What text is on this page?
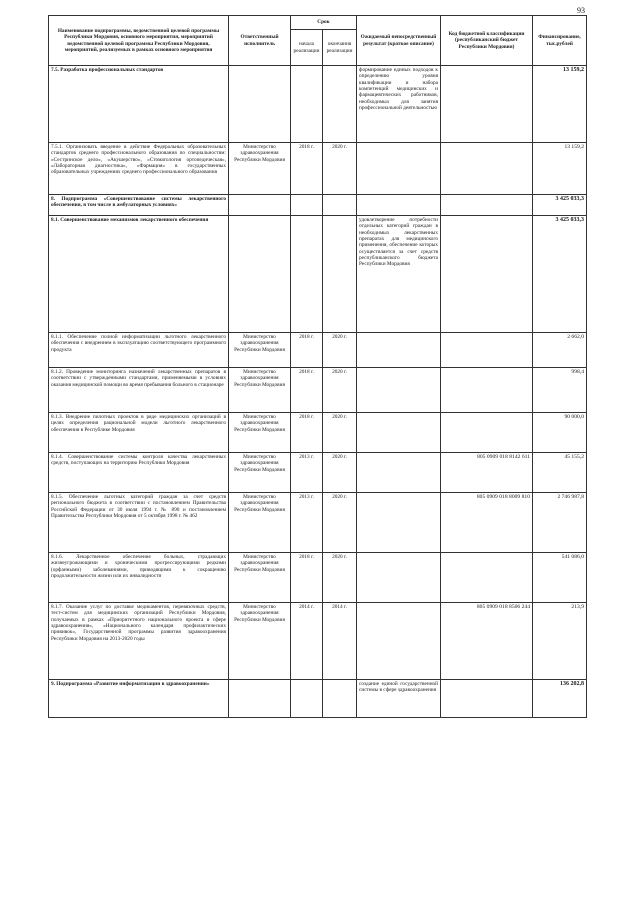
93
Наименование подпрограммы, ведомственной целевой программы Республики Мордовия, основного мероприятия, мероприятий ведомственной целевой программы Республики Мордовия, мероприятий, реализуемых в рамках основного мероприятия	Ответственный исполнитель	Срок		Ожидаемый непосредственный результат (краткое описание)	Код бюджетной классификации (республиканский бюджет Республики Мордовия)	Финансирование, тыс.рублей
		начала реализации	окончания реализации			
7.5. Разработка профессиональных стандартов				формирование единых подходов к определению уровня квалификации и набора компетенций медицинских и фармацевтических работников, необходимых для занятия профессиональной деятельностью		13 159,2
7.5.1. Организовать введение в действие Федеральных образовательных стандартов среднего профессионального образования по специальностям: «Сестринское дело», «Акушерство», «Стоматология ортопедическая», «Лабораторная диагностика», «Фармация» в государственных образовательных учреждениях среднего профессионального образования	Министерство здравоохранения Республики Мордовия	2018 г.	2020 г.			13 159,2
8. Подпрограмма «Совершенствование системы лекарственного обеспечения, в том числе в амбулаторных условиях»						3 425 033,3
8.1. Совершенствование механизмов лекарственного обеспечения				удовлетворение потребности отдельных категорий граждан в необходимых лекарственных препаратах для медицинского применения, обеспечение которых осуществляется за счет средств республиканского бюджета Республики Мордовия		3 425 033,3
8.1.1. Обеспечение полной информатизации льготного лекарственного обеспечения с внедрением в эксплуатацию соответствующего программного продукта	Министерство здравоохранения Республики Мордовия	2018 г.	2020 г.			2 662,0
8.1.2. Проведение мониторинга назначений лекарственных препаратов в соответствии с утвержденными стандартами, применяемыми в условиях оказания медицинской помощи во время пребывания больного в стационаре	Министерство здравоохранения Республики Мордовия	2018 г.	2020 г.			998,4
8.1.3. Внедрение пилотных проектов в ряде медицинских организаций в целях определения рациональной модели льготного лекарственного обеспечения в Республике Мордовия	Министерство здравоохранения Республики Мордовия	2018 г.	2020 г.			90 000,0
8.1.4. Совершенствование системы контроля качества лекарственных средств, поступающих на территорию Республики Мордовия	Министерство здравоохранения Республики Мордовия	2013 г.	2020 г.		805 0909 018 8142 611	45 155,2
8.1.5. Обеспечение льготных категорий граждан за счет средств регионального бюджета в соответствии с постановлением Правительства Российской Федерации от 30 июля 1994 г. № 890 и постановлением Правительства Республики Мордовия от 5 октября 1998 г. № 462	Министерство здравоохранения Республики Мордовия	2013 г.	2020 г.		805 0909 018 8009 810	2 746 987,8
8.1.6. Лекарственное обеспечение больных, страдающих жизнеугрожающими и хроническими прогрессирующими редкими (орфанными) заболеваниями, приводящими к сокращению продолжительности жизни или их инвалидности	Министерство здравоохранения Республики Мордовия	2018 г.	2020 г.			541 086,0
8.1.7. Оказание услуг по доставке медикаментов, перевязочных средств, тест-систем для медицинских организаций Республики Мордовия, получаемых в рамках «Приоритетного национального проекта в сфере здравоохранения», «Национального календаря профилактических прививок», Государственной программы развития здравоохранения Республики Мордовия на 2013-2020 годы	Министерство здравоохранения Республики Мордовия	2014 г.	2014 г.		805 0909 018 8506 244	213,9
9. Подпрограмма «Развитие информатизации в здравоохранении»				создание единой государственной системы в сфере здравоохранения		136 202,8
